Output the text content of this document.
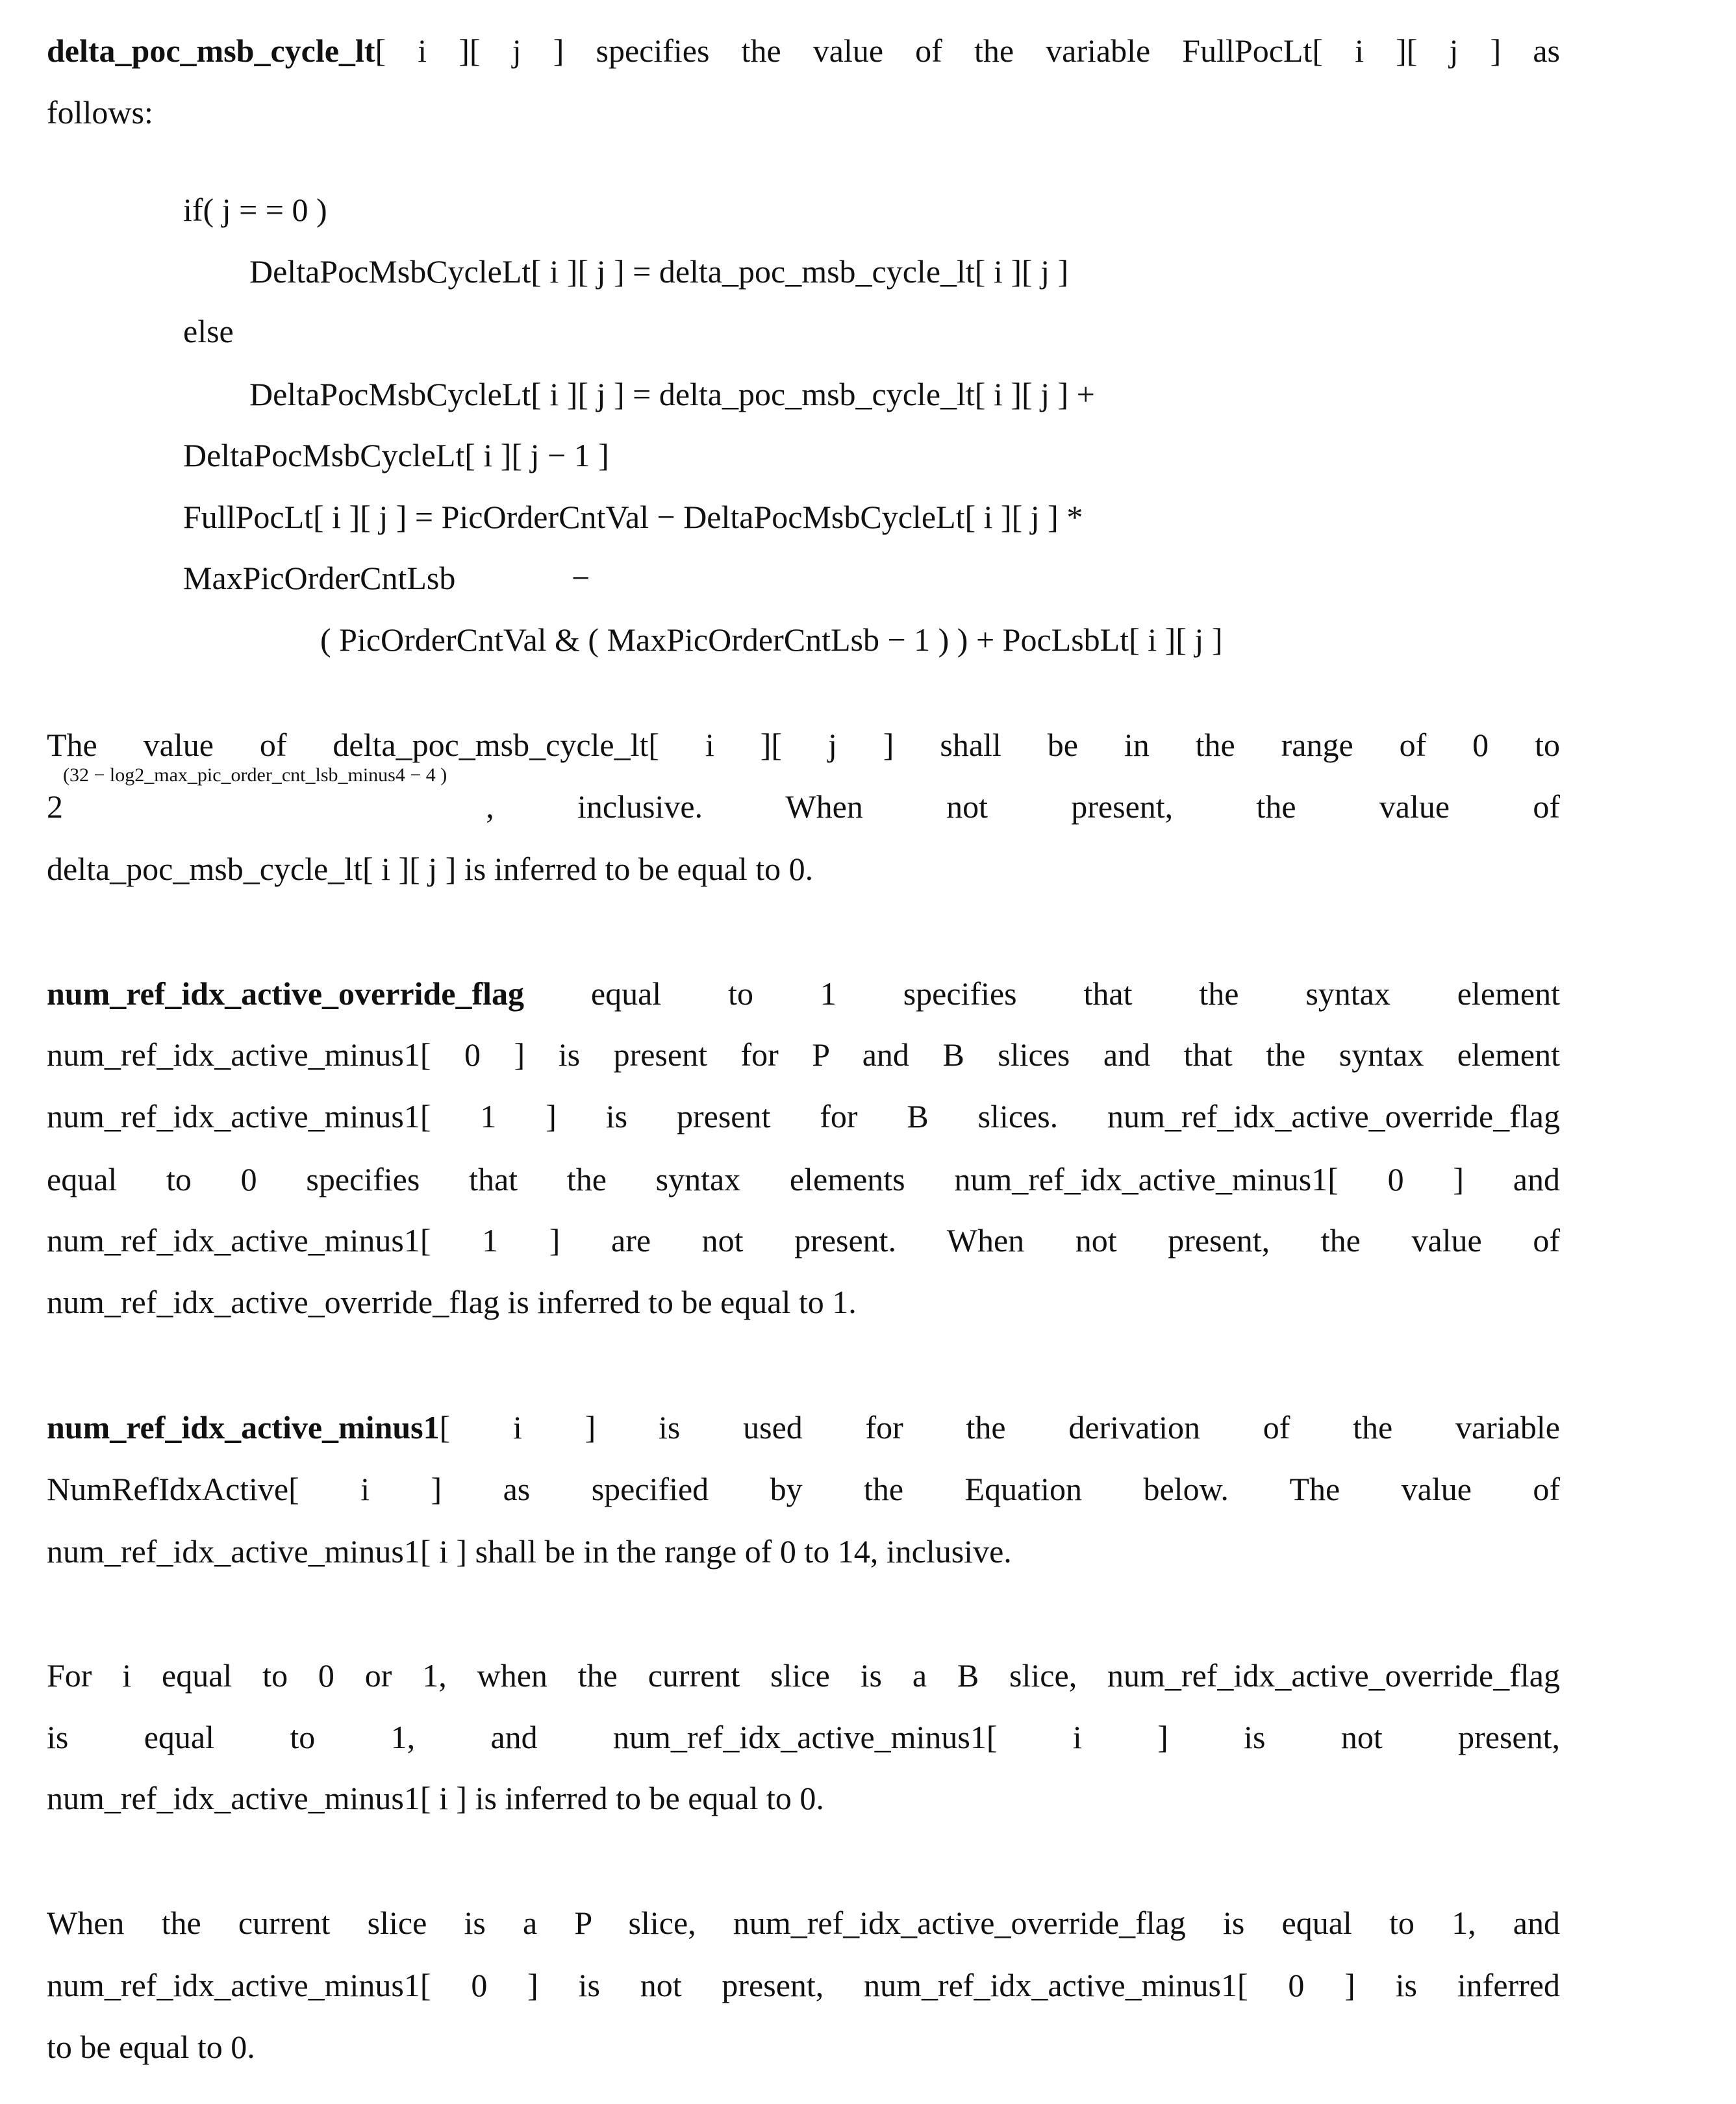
delta_poc_msb_cycle_lt[ i ][ j ] specifies the value of the variable FullPocLt[ i ][ j ] as
follows:
if( j = = 0 )
DeltaPocMsbCycleLt[ i ][ j ] = delta_poc_msb_cycle_lt[ i ][ j ]
else
DeltaPocMsbCycleLt[ i ][ j ] = delta_poc_msb_cycle_lt[ i ][ j ] +
DeltaPocMsbCycleLt[ i ][ j − 1 ]
FullPocLt[ i ][ j ] = PicOrderCntVal − DeltaPocMsbCycleLt[ i ][ j ] *
MaxPicOrderCntLsb	−
( PicOrderCntVal & ( MaxPicOrderCntLsb − 1 ) ) + PocLsbLt[ i ][ j ]
The value of delta_poc_msb_cycle_lt[ i ][ j ] shall be in the range of 0 to
2
(32 − log2_max_pic_order_cnt_lsb_minus4 − 4 )
, inclusive. When not present, the value of
delta_poc_msb_cycle_lt[ i ][ j ] is inferred to be equal to 0.
num_ref_idx_active_override_flag equal to 1 specifies that the syntax element
num_ref_idx_active_minus1[ 0 ] is present for P and B slices and that the syntax element
num_ref_idx_active_minus1[ 1 ] is present for B slices. num_ref_idx_active_override_flag
equal to 0 specifies that the syntax elements num_ref_idx_active_minus1[ 0 ] and
num_ref_idx_active_minus1[ 1 ] are not present. When not present, the value of
num_ref_idx_active_override_flag is inferred to be equal to 1.
num_ref_idx_active_minus1[ i ] is used for the derivation of the variable
NumRefIdxActive[ i ] as specified by the Equation below. The value of
num_ref_idx_active_minus1[ i ] shall be in the range of 0 to 14, inclusive.
For i equal to 0 or 1, when the current slice is a B slice, num_ref_idx_active_override_flag
is equal to 1, and num_ref_idx_active_minus1[ i ] is not present,
num_ref_idx_active_minus1[ i ] is inferred to be equal to 0.
When the current slice is a P slice, num_ref_idx_active_override_flag is equal to 1, and
num_ref_idx_active_minus1[ 0 ] is not present, num_ref_idx_active_minus1[ 0 ] is inferred
to be equal to 0.
